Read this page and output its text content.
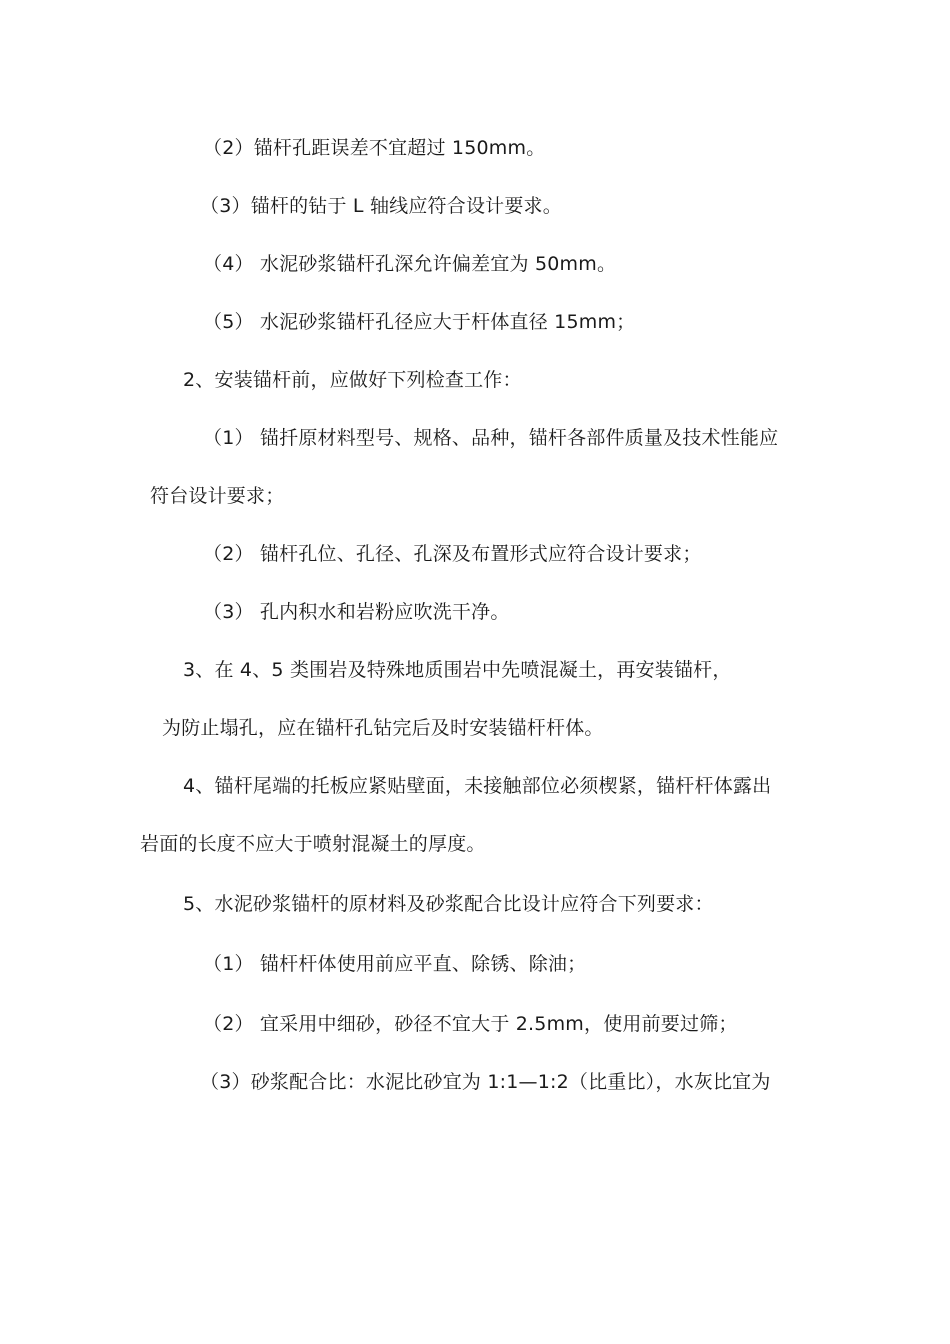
（2）锚杆孔距误差不宜超过 150mm。
（3）锚杆的钻于 L 轴线应符合设计要求。
（4） 水泥砂浆锚杆孔深允许偏差宜为 50mm。
（5） 水泥砂浆锚杆孔径应大于杆体直径 15mm；
2、安装锚杆前，应做好下列检查工作：
（1） 锚扦原材料型号、规格、品种，锚杆各部件质量及技术性能应
符台设计要求；
（2） 锚杆孔位、孔径、孔深及布置形式应符合设计要求；
（3） 孔内积水和岩粉应吹洗干净。
3、在 4、5 类围岩及特殊地质围岩中先喷混凝土，再安装锚杆，
为防止塌孔，应在锚杆孔钻完后及时安装锚杆杆体。
4、锚杆尾端的托板应紧贴壁面，未接触部位必须楔紧，锚杆杆体露出
岩面的长度不应大于喷射混凝土的厚度。
5、水泥砂浆锚杆的原材料及砂浆配合比设计应符合下列要求：
（1） 锚杆杆体使用前应平直、除锈、除油；
（2） 宜采用中细砂，砂径不宜大于 2.5mm，使用前要过筛；
（3）砂浆配合比：水泥比砂宜为 1:1—1:2（比重比），水灰比宜为
